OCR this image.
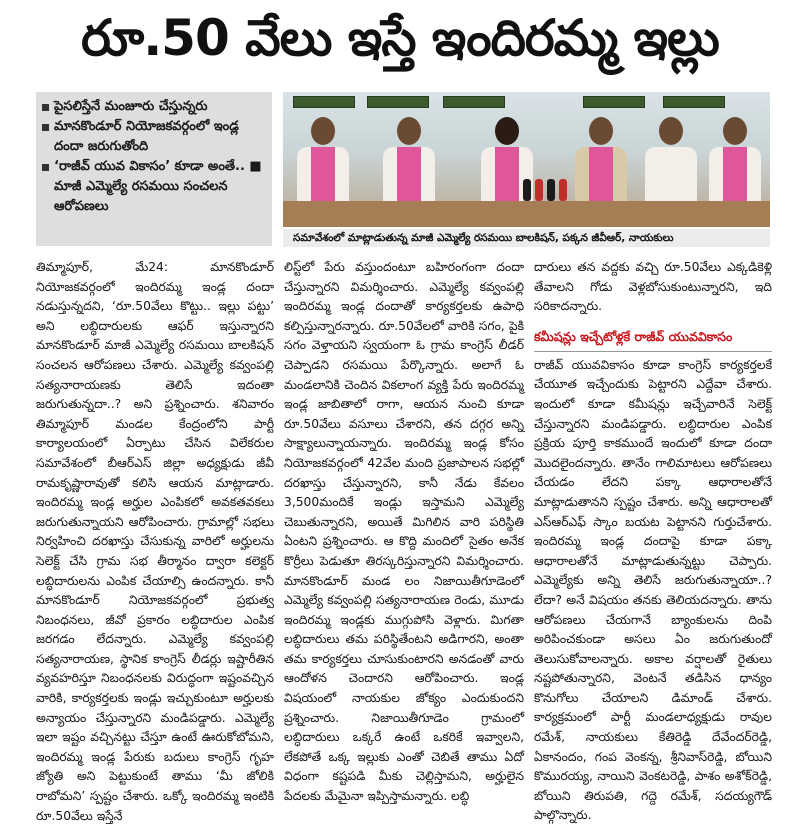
రూ.50 వేలు ఇస్తే ఇందిరమ్మ ఇల్లు
పైసలిస్తేనే మంజూరు చేస్తున్నరు
మానకొండూర్ నియోజకవర్గంలో ఇండ్ల దందా జరుగుతోంది
‘రాజీవ్ యువ వికాసం’ కూడా అంతే.. ■ మాజీ ఎమ్మెల్యే రసమయి సంచలన ఆరోపణలు
సమావేశంలో మాట్లాడుతున్న మాజీ ఎమ్మెల్యే రసమయి బాలకిషన్, పక్కన జీవీఆర్, నాయకులు

తిమ్మాపూర్, మే24: మానకొండూర్ నియోజకవర్గంలో ఇందిరమ్మ ఇండ్ల దందా నడుస్తున్నదని, ‘రూ.50వేలు కొట్టు.. ఇల్లు పట్టు’ అని లబ్ధిదారులకు ఆఫర్ ఇస్తున్నారని మానకొండూర్ మాజీ ఎమ్మెల్యే రసమయి బాలకిషన్ సంచలన ఆరోపణలు చేశారు. ఎమ్మెల్యే కవ్వంపల్లి సత్యనారాయణకు తెలిసే ఇదంతా జరుగుతున్నదా..? అని ప్రశ్నించారు. శనివారం తిమ్మాపూర్ మండల కేంద్రంలోని పార్టీ కార్యాలయంలో ఏర్పాటు చేసిన విలేకరుల సమావేశంలో బీఆర్ఎస్ జిల్లా అధ్యక్షుడు జీవీ రామకృష్ణారావుతో కలిసి ఆయన మాట్లాడారు. ఇందిరమ్మ ఇండ్ల అర్హుల ఎంపికలో అవకతవకలు జరుగుతున్నాయని ఆరోపించారు. గ్రామాల్లో సభలు నిర్వహించి దరఖాస్తు చేసుకున్న వారిలో అర్హులను సెలెక్ట్ చేసి గ్రామ సభ తీర్మానం ద్వారా కలెక్టర్ లబ్ధిదారులను ఎంపిక చేయాల్సి ఉందన్నారు. కానీ మానకొండూర్ నియోజకవర్గంలో ప్రభుత్వ నిబంధనలు, జీవో ప్రకారం లబ్ధిదారుల ఎంపిక జరగడం లేదన్నారు. ఎమ్మెల్యే కవ్వంపల్లి సత్యనారాయణ, స్థానిక కాంగ్రెస్ లీడర్లు ఇష్టారీతిన వ్యవహరిస్తూ నిబంధనలకు విరుద్ధంగా ఇష్టంవచ్చిన వారికి, కార్యకర్తలకు ఇండ్లు ఇచ్చుకుంటూ అర్హులకు అన్యాయం చేస్తున్నారని మండిపడ్డారు. ఎమ్మెల్యే ఇలా ఇష్టం వచ్చినట్టు చేస్తూ ఉంటే ఊరుకోబోమని, ఇందిరమ్మ ఇండ్ల పేరుకు బదులు కాంగ్రెస్ గృహ జ్యోతి అని పెట్టుకుంటే తాము ‘మీ జోలికి రాబోమని’ స్పష్టం చేశారు. ఒక్కో ఇందిరమ్మ ఇంటికి రూ.50వేలు ఇస్తేనే

లిస్ట్‌లో పేరు వస్తుందంటూ బహిరంగంగా దందా చేస్తున్నారని విమర్శించారు. ఎమ్మెల్యే కవ్వంపల్లి ఇందిరమ్మ ఇండ్ల దందాతో కార్యకర్తలకు ఉపాధి కల్పిస్తున్నారన్నారు. రూ.50వేలలో వారికి సగం, పైకి సగం వెళ్తాయని స్వయంగా ఓ గ్రామ కాంగ్రెస్ లీడర్ చెప్పాడని రసమయి పేర్కొన్నారు. అలాగే ఓ మండలానికి చెందిన వికలాంగ వ్యక్తి పేరు ఇందిరమ్మ ఇండ్ల జాబితాలో రాగా, ఆయన నుంచి కూడా రూ.50వేలు వసూలు చేశారని, తన దగ్గర అన్ని సాక్ష్యాలున్నాయన్నారు. ఇందిరమ్మ ఇండ్ల కోసం నియోజకవర్గంలో 42వేల మంది ప్రజాపాలన సభల్లో దరఖాస్తు చేస్తున్నారని, కానీ నేడు కేవలం 3,500మందికే ఇండ్లు ఇస్తామని ఎమ్మెల్యే చెబుతున్నారని, అయితే మిగిలిన వారి పరిస్థితి ఏంటని ప్రశ్నించారు. ఆ కొద్ది మందిలో సైతం అనేక కొర్రీలు పెడుతూ తిరస్కరిస్తున్నారని విమర్శించారు. మానకొండూర్ మండ లం నిజాయితీగూడెంలో ఎమ్మెల్యే కవ్వంపల్లి సత్యనారాయణ రెండు, మూడు ఇందిరమ్మ ఇండ్లకు ముగ్గుపోసి వెళ్లారు. మిగతా లబ్ధిదారులు తమ పరిస్థితేంటని అడిగారని, అంతా తమ కార్యకర్తలు చూసుకుంటారని అనడంతో వారు ఆందోళన చెందారని ఆరోపించారు. ఇండ్ల విషయంలో నాయకుల జోక్యం ఎందుకుందని ప్రశ్నించారు. నిజాయితీగూడెం గ్రామంలో లబ్ధిదారులు ఒక్కరే ఉంటే ఒకరికే ఇవ్వాలని, లేకపోతే ఒక్క ఇల్లుకు ఎంతో చెబితే తాము ఏదో విధంగా కష్టపడి మీకు చెల్లిస్తామని, అర్హులైన పేదలకు మేమైనా ఇప్పిస్తామన్నారు. లబ్ధి

దారులు తన వద్దకు వచ్చి రూ.50వేలు ఎక్కడికెళ్లి తేవాలని గోడు వెళ్లబోసుకుంటున్నారని, ఇది సరికాదన్నారు.

కమీషన్లు ఇచ్చేటోళ్లకే రాజీవ్ యువవికాసం

రాజీవ్ యువవికాసం కూడా కాంగ్రెస్ కార్యకర్తలకే చేయూత ఇచ్చేందుకు పెట్టారని ఎద్దేవా చేశారు. ఇందులో కూడా కమీషన్లు ఇచ్చేవారినే సెలెక్ట్ చేస్తున్నారని మండిపడ్డారు. లబ్ధిదారుల ఎంపిక ప్రక్రియ పూర్తి కాకముందే ఇందులో కూడా దందా మొదలైందన్నారు. తానేం గాలిమాటలు ఆరోపణలు చేయడం లేదని పక్కా ఆధారాలతోనే మాట్లాడుతానని స్పష్టం చేశారు. అన్ని ఆధారాలతో ఎస్‌ఆర్ఎఫ్ స్కాం బయట పెట్టానని గుర్తుచేశారు. ఇందిరమ్మ ఇండ్ల దందాపై కూడా పక్కా ఆధారాలతోనే మాట్లాడుతున్నట్టు చెప్పారు. ఎమ్మెల్యేకు అన్ని తెలిసే జరుగుతున్నాయా..? లేదా? అనే విషయం తనకు తెలియదన్నారు. తాను ఆరోపణలు చేయగానే బ్యాంకులను దింపి అరిపించకుండా అసలు ఏం జరుగుతుందో తెలుసుకోవాలన్నారు. అకాల వర్షాలతో రైతులు నష్టపోతున్నారని, వెంటనే తడిసిన ధాన్యం కొనుగోలు చేయాలని డిమాండ్ చేశారు. కార్యక్రమంలో పార్టీ మండలాధ్యక్షుడు రావుల రమేశ్, నాయకులు కేతిరెడ్డి దేవేందర్‌రెడ్డి, ఏకానందం, గంప వెంకన్న, శ్రీనివాస్‌రెడ్డి, బోయిని కొమురయ్య, నాయిని వెంకటరెడ్డి, పాశం అశోక్‌రెడ్డి, బోయిని తిరుపతి, గద్దె రమేశ్, సదయ్యగౌడ్ పాల్గొన్నారు.
